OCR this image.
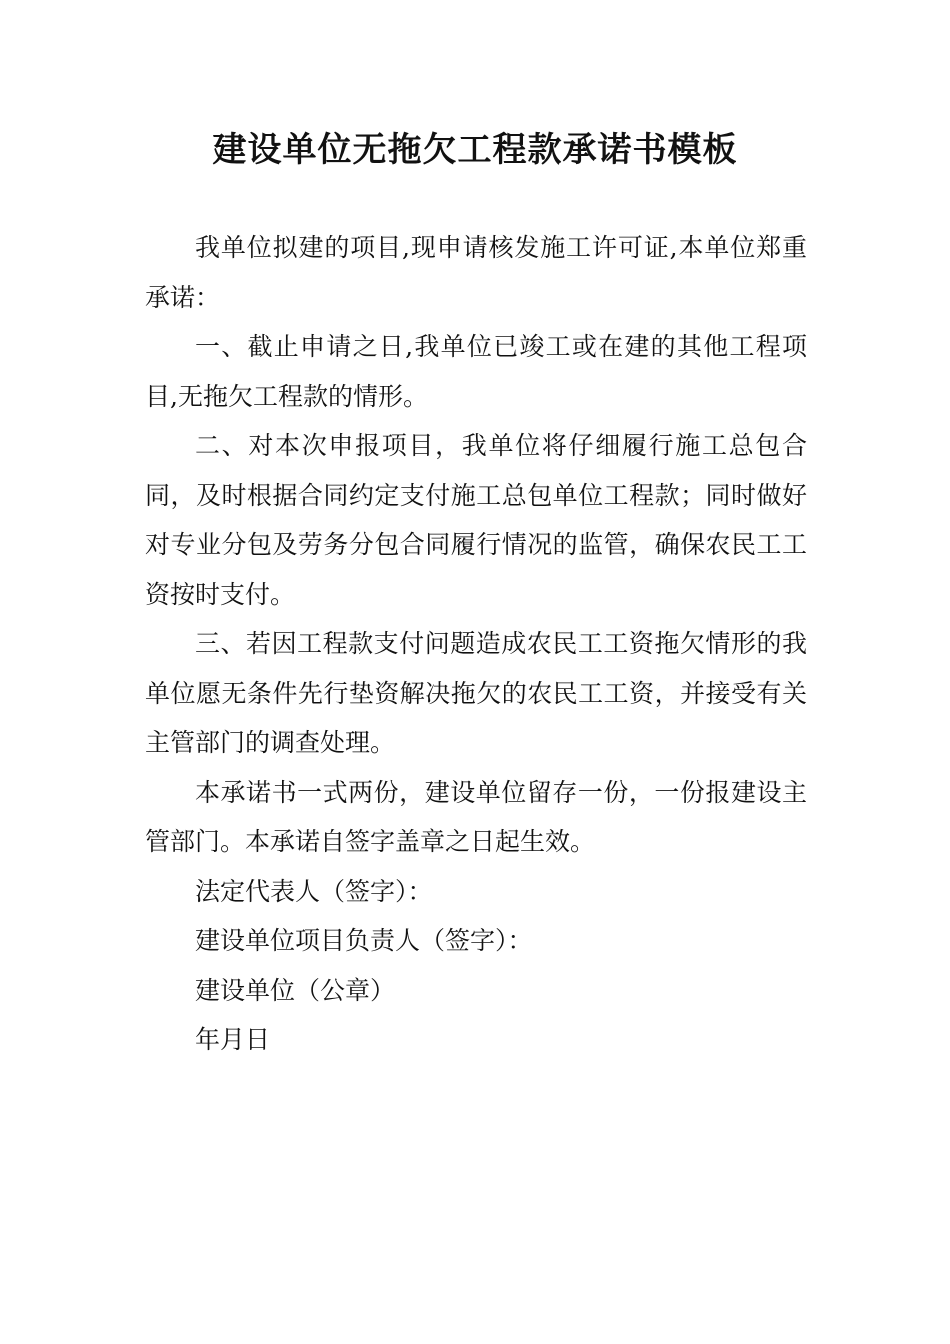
建设单位无拖欠工程款承诺书模板

我单位拟建的项目,现申请核发施工许可证,本单位郑重承诺：

一、截止申请之日,我单位已竣工或在建的其他工程项目,无拖欠工程款的情形。

二、对本次申报项目，我单位将仔细履行施工总包合同，及时根据合同约定支付施工总包单位工程款；同时做好对专业分包及劳务分包合同履行情况的监管，确保农民工工资按时支付。

三、若因工程款支付问题造成农民工工资拖欠情形的我单位愿无条件先行垫资解决拖欠的农民工工资，并接受有关主管部门的调查处理。

本承诺书一式两份，建设单位留存一份，一份报建设主管部门。本承诺自签字盖章之日起生效。

法定代表人（签字）：

建设单位项目负责人（签字）：

建设单位（公章）

年月日
